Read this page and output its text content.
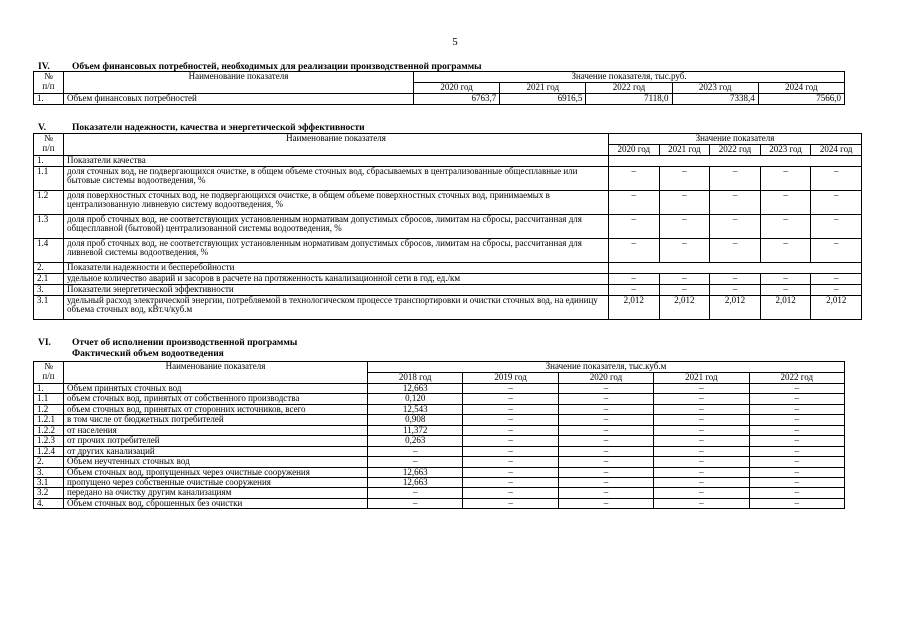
5
IV. Объем финансовых потребностей, необходимых для реализации производственной программы
№
п/п	Наименование показателя	Значение показателя, тыс.руб.				
		2020 год	2021 год	2022 год	2023 год	2024 год
1.	Объем финансовых потребностей	6763,7	6916,5	7118,0	7338,4	7566,0
V.	Показатели надежности, качества и энергетической эффективности
№
п/п	Наименование показателя	Значение показателя				
		2020 год	2021 год	2022 год	2023 год	2024 год
1.	Показатели качества					
1.1	доля сточных вод, не подвергающихся очистке, в общем объеме сточных вод, сбрасываемых в централизованные общесплавные или бытовые системы водоотведения, %	–	–	–	–	–
1.2	доля поверхностных сточных вод, не подвергающихся очистке, в общем объеме поверхностных сточных вод, принимаемых в централизованную ливневую систему водоотведения, %	–	–	–	–	–
1.3	доля проб сточных вод, не соответствующих установленным нормативам допустимых сбросов, лимитам на сбросы, рассчитанная для общесплавной (бытовой) централизованной системы водоотведения, %	–	–	–	–	–
1.4	доля проб сточных вод, не соответствующих установленным нормативам допустимых сбросов, лимитам на сбросы, рассчитанная для ливневой системы водоотведения, %	–	–	–	–	–
2.	Показатели надежности и бесперебойности					
2.1	удельное количество аварий и засоров в расчете на протяженность канализационной сети в год, ед./км	–	–	–	–	–
3.	Показатели энергетической эффективности	–	–	–	–	–
3.1	удельный расход электрической энергии, потребляемой в технологическом процессе транспортировки и очистки сточных вод, на единицу объема сточных вод, кВт.ч/куб.м	2,012	2,012	2,012	2,012	2,012
VI. Отчет об исполнении производственной программы
Фактический объем водоотведения
№
п/п	Наименование показателя	Значение показателя, тыс.куб.м				
		2018 год	2019 год	2020 год	2021 год	2022 год
1.	Объем принятых сточных вод	12,663	–	–	–	–
1.1	объем сточных вод, принятых от собственного производства	0,120	–	–	–	–
1.2	объем сточных вод, принятых от сторонних источников, всего	12,543	–	–	–	–
1.2.1	в том числе от бюджетных потребителей	0,908	–	–	–	–
1.2.2	от населения	11,372	–	–	–	–
1.2.3	от прочих потребителей	0,263	–	–	–	–
1.2.4	от других канализаций	–	–	–	–	–
2.	Объем неучтенных сточных вод	–	–	–	–	–
3.	Объем сточных вод, пропущенных через очистные сооружения	12,663	–	–	–	–
3.1	пропущено через собственные очистные сооружения	12,663	–	–	–	–
3.2	передано на очистку другим канализациям	–	–	–	–	–
4.	Объем сточных вод, сброшенных без очистки	–	–	–	–	–
